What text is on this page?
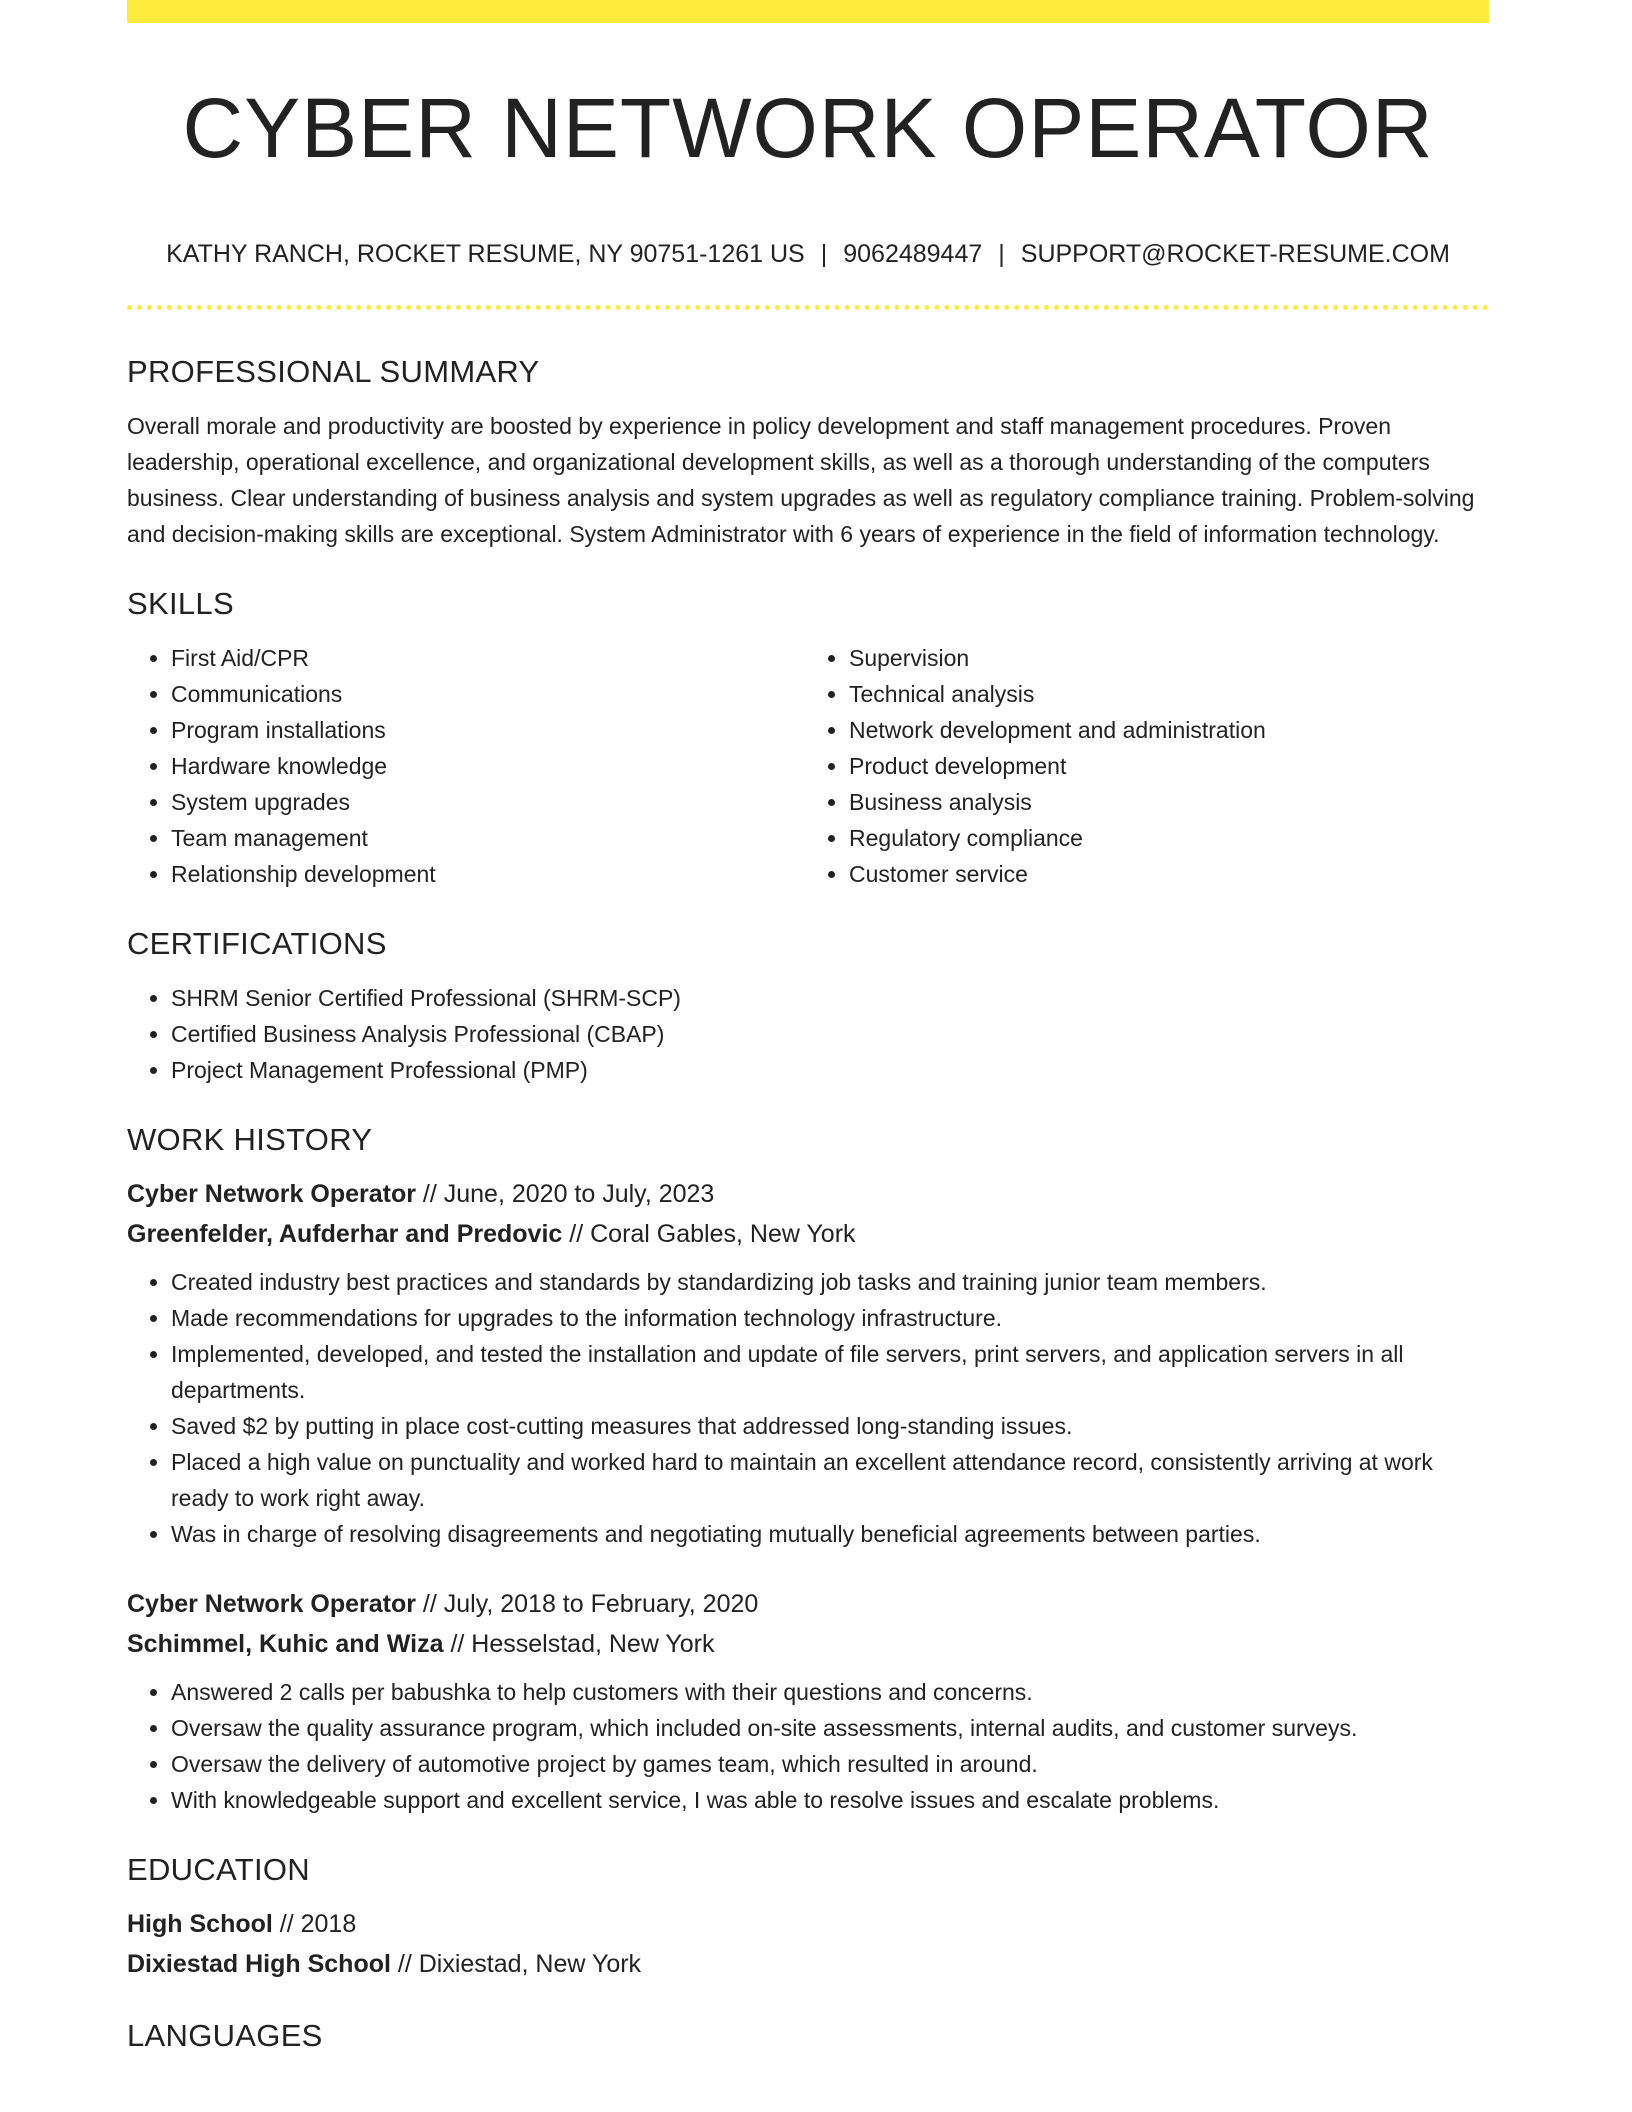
CYBER NETWORK OPERATOR
KATHY RANCH, ROCKET RESUME, NY 90751-1261 US | 9062489447 | SUPPORT@ROCKET-RESUME.COM
PROFESSIONAL SUMMARY

Overall morale and productivity are boosted by experience in policy development and staff management procedures. Proven leadership, operational excellence, and organizational development skills, as well as a thorough understanding of the computers business. Clear understanding of business analysis and system upgrades as well as regulatory compliance training. Problem-solving and decision-making skills are exceptional. System Administrator with 6 years of experience in the field of information technology.

SKILLS
• First Aid/CPR
• Communications
• Program installations
• Hardware knowledge
• System upgrades
• Team management
• Relationship development
• Supervision
• Technical analysis
• Network development and administration
• Product development
• Business analysis
• Regulatory compliance
• Customer service
CERTIFICATIONS
• SHRM Senior Certified Professional (SHRM-SCP)
• Certified Business Analysis Professional (CBAP)
• Project Management Professional (PMP)
WORK HISTORY

Cyber Network Operator // June, 2020 to July, 2023

Greenfelder, Aufderhar and Predovic // Coral Gables, New York

• Created industry best practices and standards by standardizing job tasks and training junior team members.
• Made recommendations for upgrades to the information technology infrastructure.
• Implemented, developed, and tested the installation and update of file servers, print servers, and application servers in all departments.
• Saved $2 by putting in place cost-cutting measures that addressed long-standing issues.
• Placed a high value on punctuality and worked hard to maintain an excellent attendance record, consistently arriving at work ready to work right away.
• Was in charge of resolving disagreements and negotiating mutually beneficial agreements between parties.

Cyber Network Operator // July, 2018 to February, 2020

Schimmel, Kuhic and Wiza // Hesselstad, New York

• Answered 2 calls per babushka to help customers with their questions and concerns.
• Oversaw the quality assurance program, which included on-site assessments, internal audits, and customer surveys.
• Oversaw the delivery of automotive project by games team, which resulted in around.
• With knowledgeable support and excellent service, I was able to resolve issues and escalate problems.
EDUCATION

High School // 2018

Dixiestad High School // Dixiestad, New York

LANGUAGES
